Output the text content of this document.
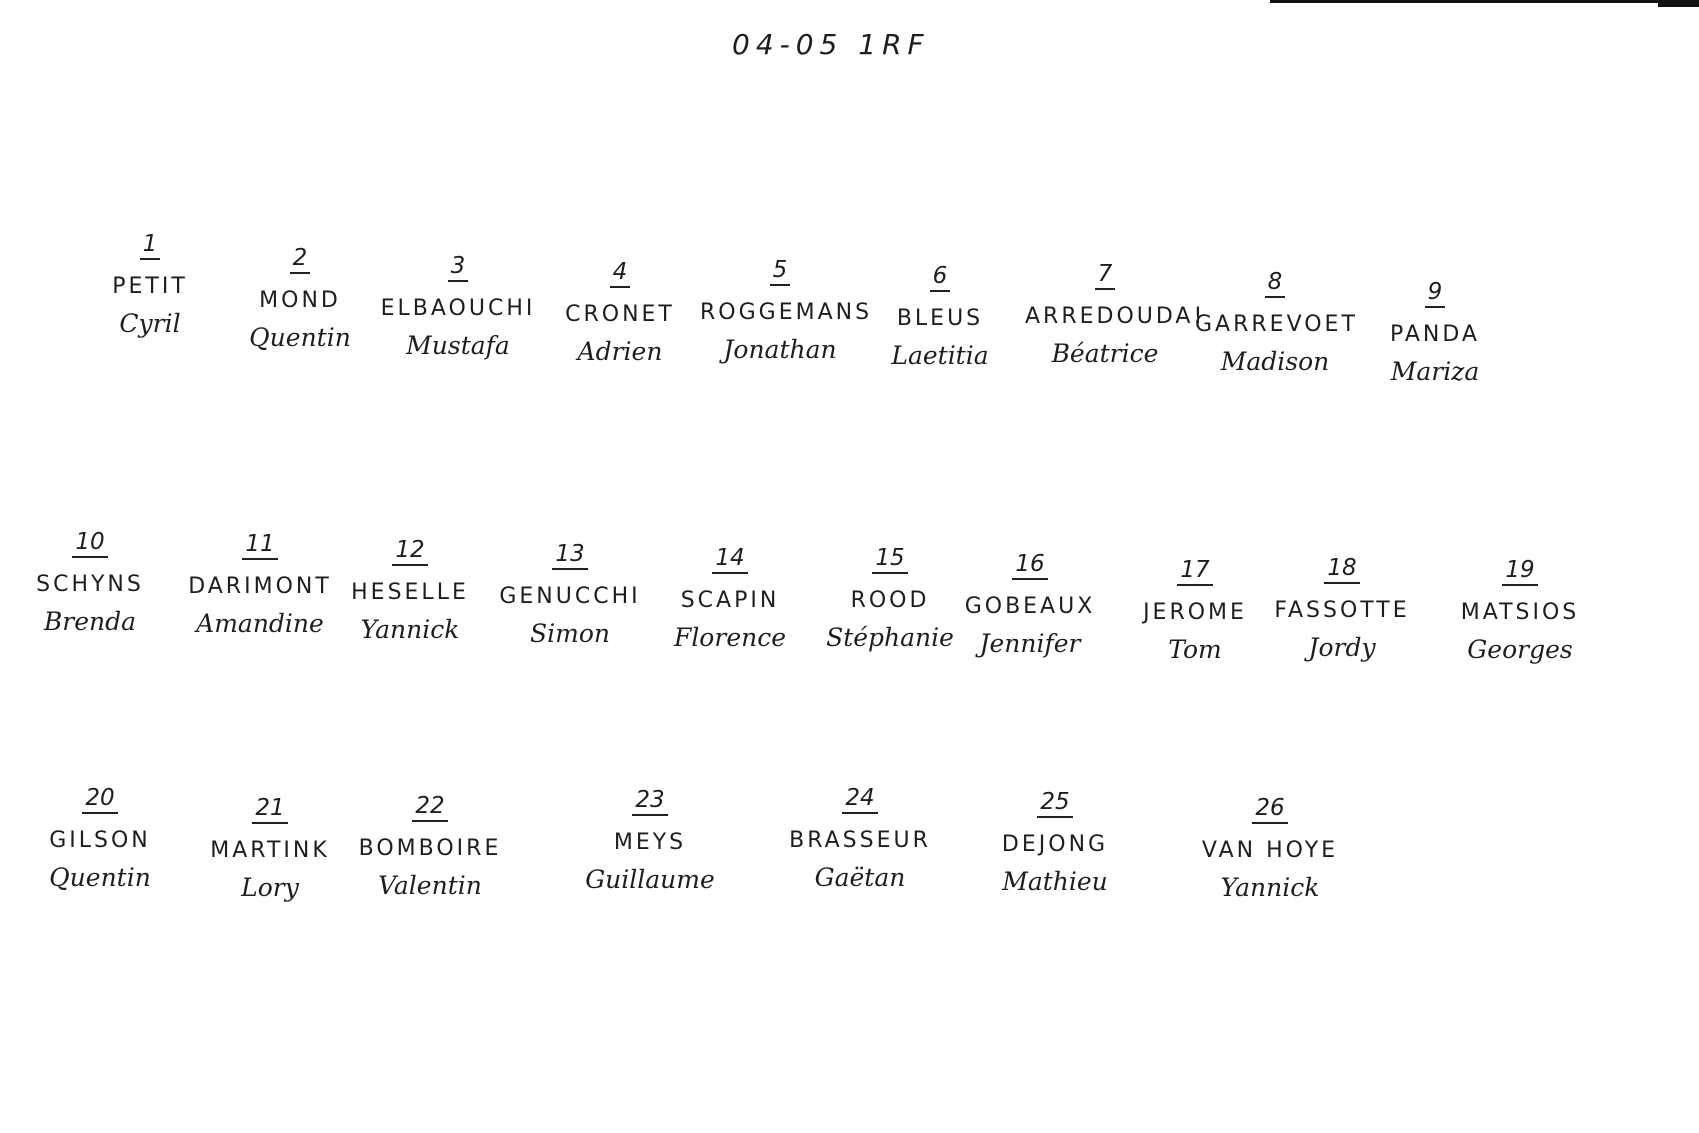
04-05 1RF
1
PETIT
Cyril
2
MOND
Quentin
3
ELBAOUCHI
Mustafa
4
CRONET
Adrien
5
ROGGEMANS
Jonathan
6
BLEUS
Laetitia
7
ARREDOUDA!
Béatrice
8
GARREVOET
Madison
9
PANDA
Mariza
10
SCHYNS
Brenda
11
DARIMONT
Amandine
12
HESELLE
Yannick
13
GENUCCHI
Simon
14
SCAPIN
Florence
15
ROOD
Stéphanie
16
GOBEAUX
Jennifer
17
JEROME
Tom
18
FASSOTTE
Jordy
19
MATSIOS
Georges
20
GILSON
Quentin
21
MARTINK
Lory
22
BOMBOIRE
Valentin
23
MEYS
Guillaume
24
BRASSEUR
Gaëtan
25
DEJONG
Mathieu
26
VAN HOYE
Yannick
